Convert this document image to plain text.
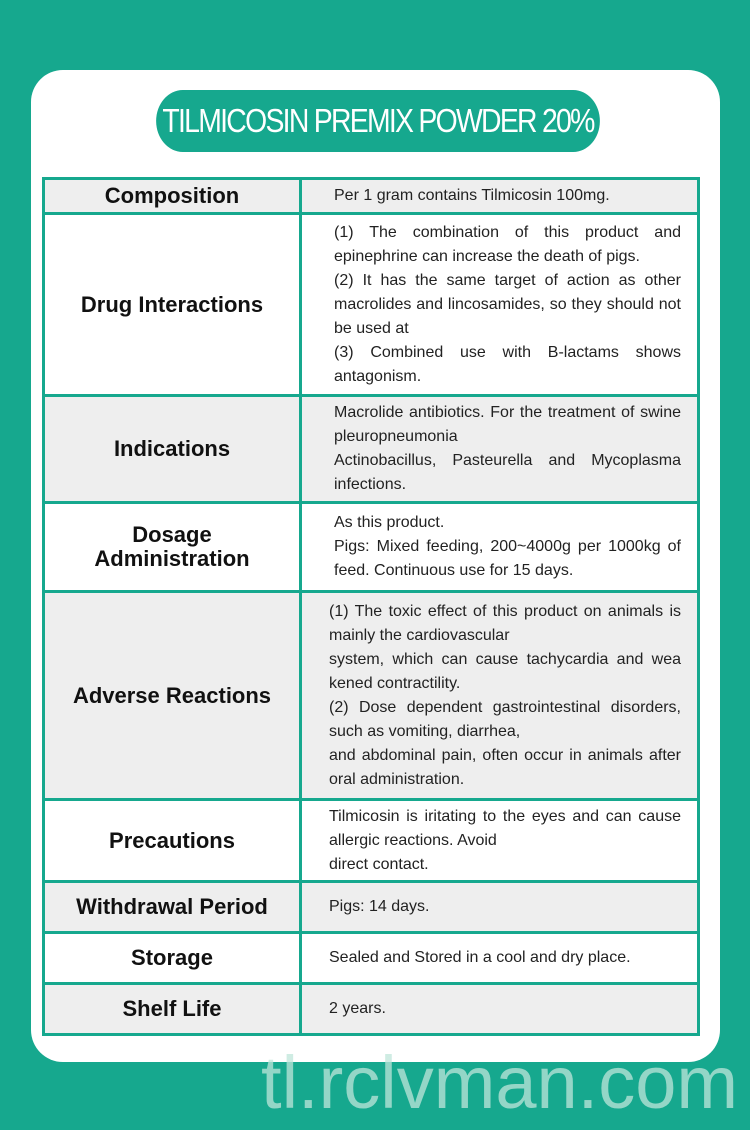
TILMICOSIN PREMIX POWDER 20%
Composition	Per 1 gram contains Tilmicosin 100mg.

Drug Interactions	(1) The combination of this product and epinephrine can increase the death of pigs.
(2) It has the same target of action as other macrolides and lincosamides, so they should not be used at
(3) Combined use with B-lactams shows antagonism.

Indications	Macrolide antibiotics. For the treatment of swine pleuropneumonia
Actinobacillus, Pasteurella and Mycoplasma infections.

Dosage
Administration	As this product.
Pigs: Mixed feeding, 200~4000g per 1000kg of feed. Continuous use for 15 days.

Adverse Reactions	(1) The toxic effect of this product on animals is mainly the cardiovascular
system, which can cause tachycardia and wea kened contractility.
(2) Dose dependent gastrointestinal disorders, such as vomiting, diarrhea,
and abdominal pain, often occur in animals after oral administration.

Precautions	Tilmicosin is iritating to the eyes and can cause allergic reactions. Avoid
direct contact.

Withdrawal Period	Pigs: 14 days.

Storage	Sealed and Stored in a cool and dry place.

Shelf Life	2 years.
tl.rclvman.com
